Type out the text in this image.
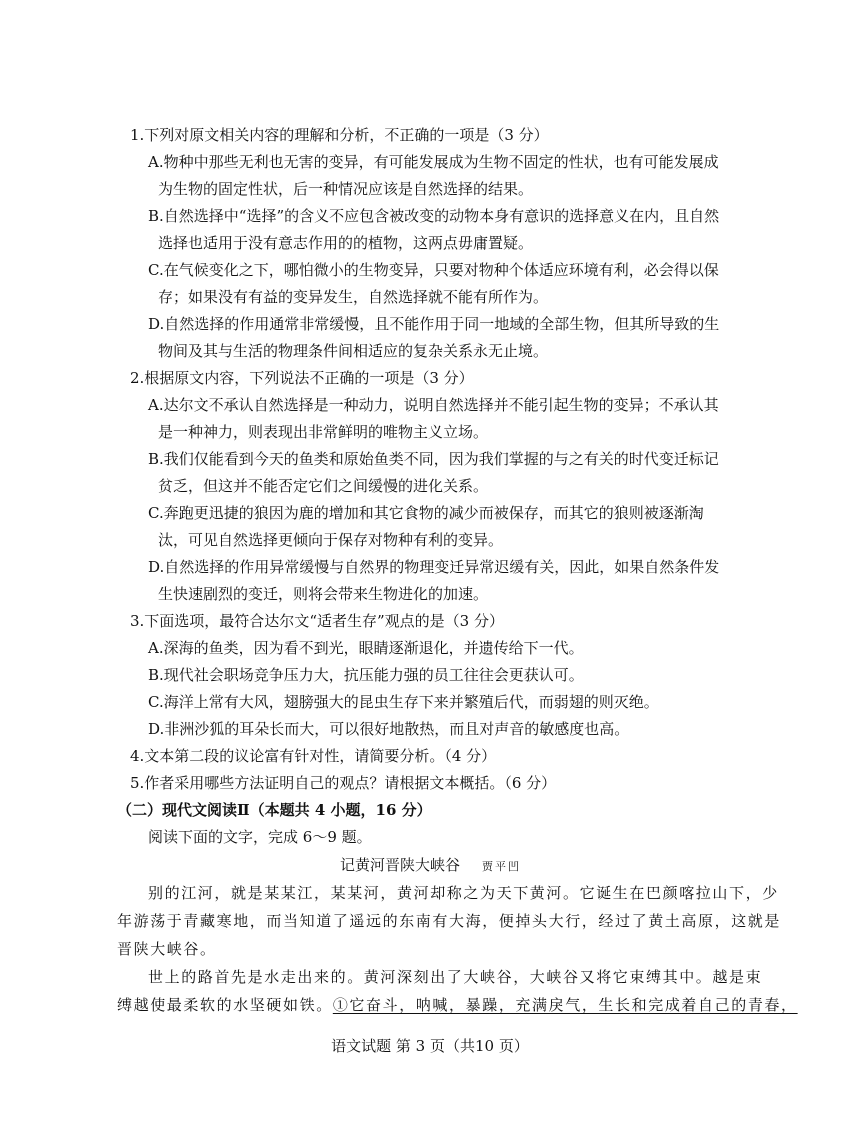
1.下列对原文相关内容的理解和分析，不正确的一项是（3 分）
A.物种中那些无利也无害的变异，有可能发展成为生物不固定的性状，也有可能发展成
为生物的固定性状，后一种情况应该是自然选择的结果。
B.自然选择中“选择”的含义不应包含被改变的动物本身有意识的选择意义在内，且自然
选择也适用于没有意志作用的的植物，这两点毋庸置疑。
C.在气候变化之下，哪怕微小的生物变异，只要对物种个体适应环境有利，必会得以保
存；如果没有有益的变异发生，自然选择就不能有所作为。
D.自然选择的作用通常非常缓慢，且不能作用于同一地域的全部生物，但其所导致的生
物间及其与生活的物理条件间相适应的复杂关系永无止境。
2.根据原文内容，下列说法不正确的一项是（3 分）
A.达尔文不承认自然选择是一种动力，说明自然选择并不能引起生物的变异；不承认其
是一种神力，则表现出非常鲜明的唯物主义立场。
B.我们仅能看到今天的鱼类和原始鱼类不同，因为我们掌握的与之有关的时代变迁标记
贫乏，但这并不能否定它们之间缓慢的进化关系。
C.奔跑更迅捷的狼因为鹿的增加和其它食物的减少而被保存，而其它的狼则被逐渐淘
汰，可见自然选择更倾向于保存对物种有利的变异。
D.自然选择的作用异常缓慢与自然界的物理变迁异常迟缓有关，因此，如果自然条件发
生快速剧烈的变迁，则将会带来生物进化的加速。
3.下面选项，最符合达尔文“适者生存”观点的是（3 分）
A.深海的鱼类，因为看不到光，眼睛逐渐退化，并遗传给下一代。
B.现代社会职场竞争压力大，抗压能力强的员工往往会更获认可。
C.海洋上常有大风，翅膀强大的昆虫生存下来并繁殖后代，而弱翅的则灭绝。
D.非洲沙狐的耳朵长而大，可以很好地散热，而且对声音的敏感度也高。
4.文本第二段的议论富有针对性，请简要分析。（4 分）
5.作者采用哪些方法证明自己的观点？请根据文本概括。（6 分）
（二）现代文阅读Ⅱ（本题共 4 小题，16 分）
阅读下面的文字，完成 6～9 题。
记黄河晋陕大峡谷 贾平凹
别的江河，就是某某江，某某河，黄河却称之为天下黄河。它诞生在巴颜喀拉山下，少
年游荡于青藏寒地，而当知道了遥远的东南有大海，便掉头大行，经过了黄土高原，这就是
晋陕大峡谷。
世上的路首先是水走出来的。黄河深刻出了大峡谷，大峡谷又将它束缚其中。越是束
缚越使最柔软的水坚硬如铁。①它奋斗，呐喊，暴躁，充满戾气，生长和完成着自己的青春，
语文试题 第 3 页（共10 页）
